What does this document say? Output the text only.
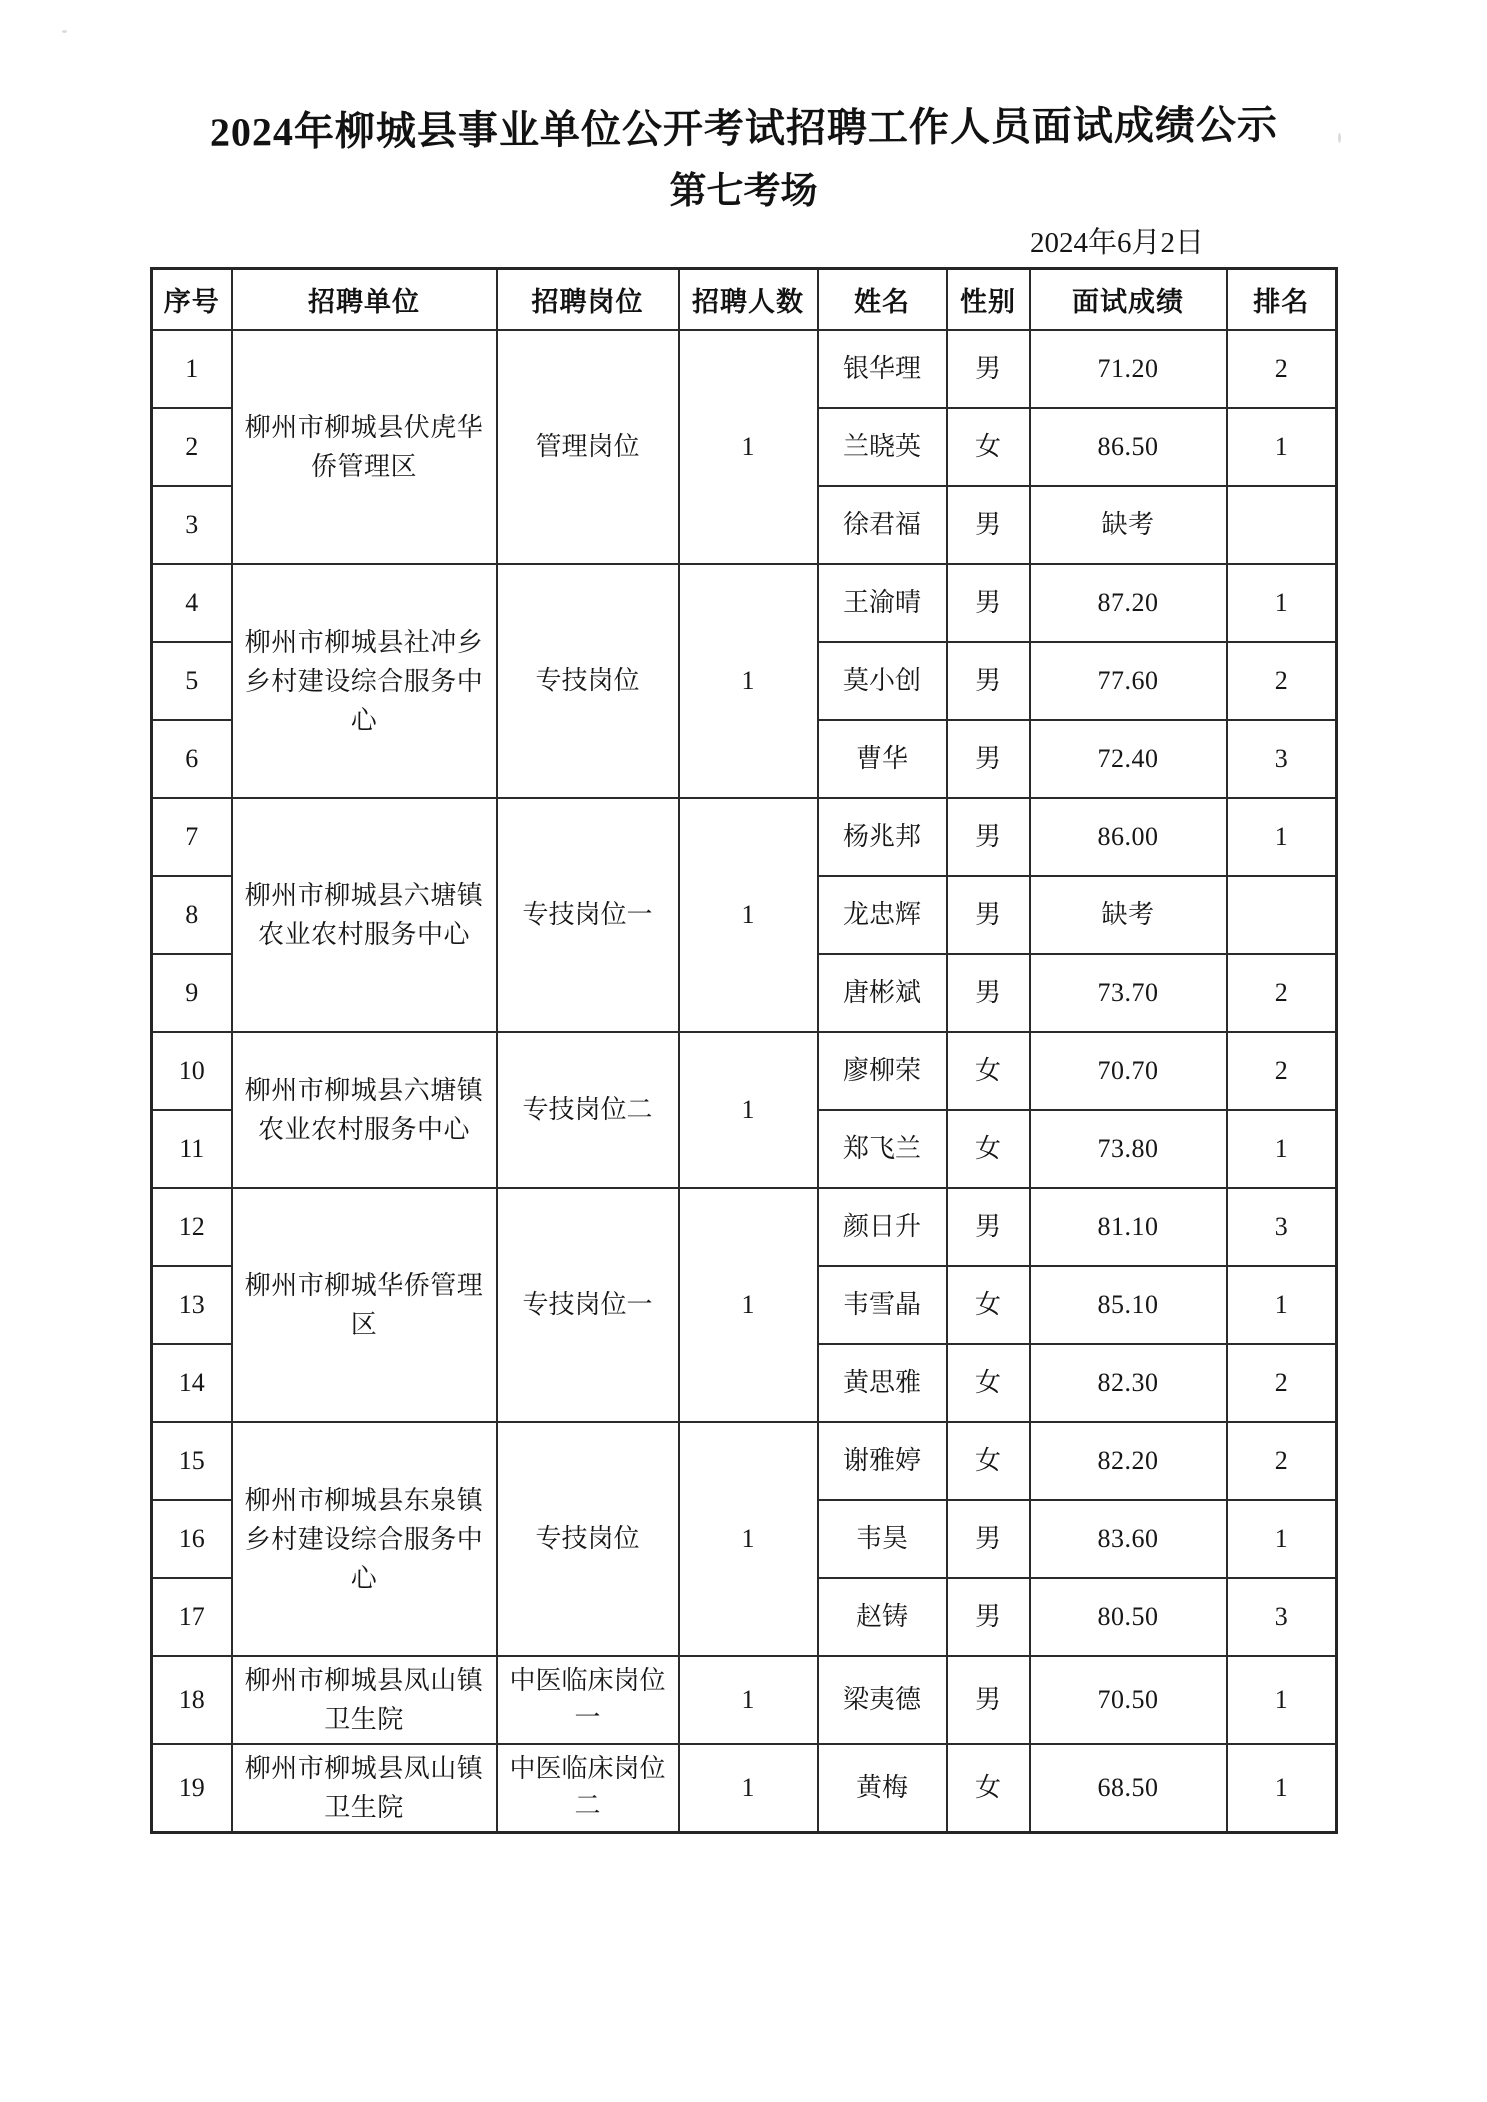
2024年柳城县事业单位公开考试招聘工作人员面试成绩公示
第七考场
2024年6月2日
序号	招聘单位	招聘岗位	招聘人数	姓名	性别	面试成绩	排名
1	柳州市柳城县伏虎华侨管理区	管理岗位	1	银华理	男	71.20	2
2				兰晓英	女	86.50	1
3				徐君福	男	缺考	
4	柳州市柳城县社冲乡乡村建设综合服务中心	专技岗位	1	王渝晴	男	87.20	1
5				莫小创	男	77.60	2
6				曹华	男	72.40	3
7	柳州市柳城县六塘镇农业农村服务中心	专技岗位一	1	杨兆邦	男	86.00	1
8				龙忠辉	男	缺考	
9				唐彬斌	男	73.70	2
10	柳州市柳城县六塘镇农业农村服务中心	专技岗位二	1	廖柳荣	女	70.70	2
11				郑飞兰	女	73.80	1
12	柳州市柳城华侨管理区	专技岗位一	1	颜日升	男	81.10	3
13				韦雪晶	女	85.10	1
14				黄思雅	女	82.30	2
15	柳州市柳城县东泉镇乡村建设综合服务中心	专技岗位	1	谢雅婷	女	82.20	2
16				韦昊	男	83.60	1
17				赵铸	男	80.50	3
18	柳州市柳城县凤山镇卫生院	中医临床岗位一	1	梁夷德	男	70.50	1
19	柳州市柳城县凤山镇卫生院	中医临床岗位二	1	黄梅	女	68.50	1
